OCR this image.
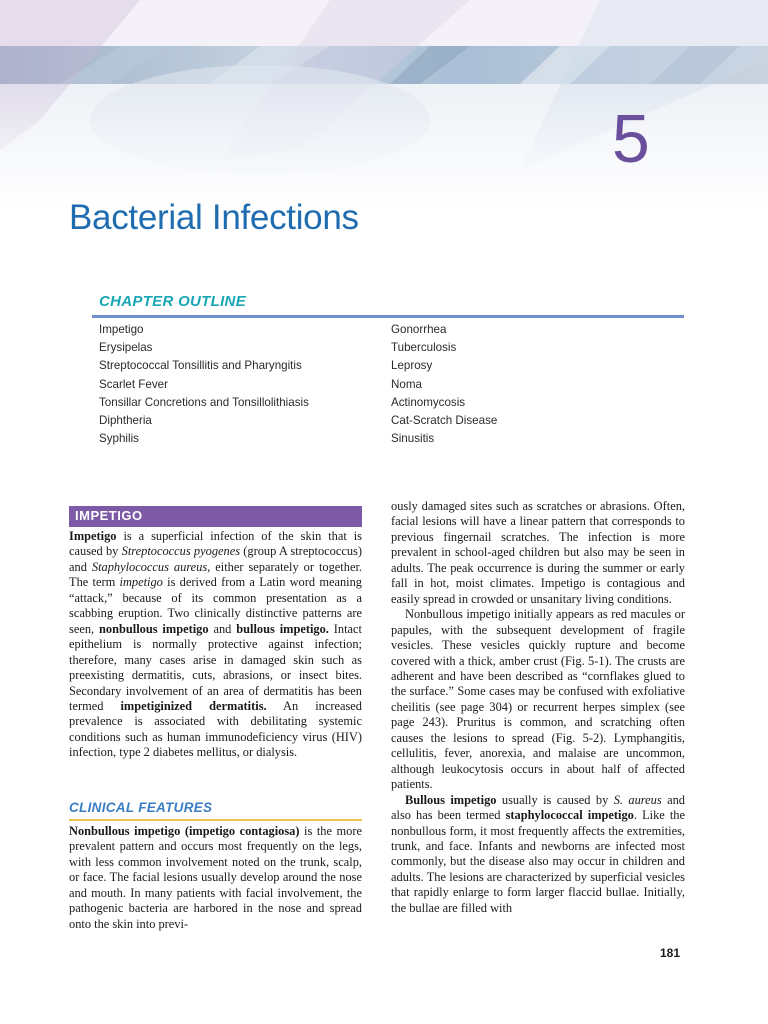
5
Bacterial Infections
CHAPTER OUTLINE
Impetigo
Erysipelas
Streptococcal Tonsillitis and Pharyngitis
Scarlet Fever
Tonsillar Concretions and Tonsillolithiasis
Diphtheria
Syphilis
Gonorrhea
Tuberculosis
Leprosy
Noma
Actinomycosis
Cat-Scratch Disease
Sinusitis
IMPETIGO

Impetigo is a superficial infection of the skin that is caused by Streptococcus pyogenes (group A streptococcus) and Staphylococcus aureus, either separately or together. The term impetigo is derived from a Latin word meaning “attack,” because of its common presentation as a scabbing eruption. Two clinically distinctive patterns are seen, nonbullous impetigo and bullous impetigo. Intact epithelium is normally protective against infection; therefore, many cases arise in damaged skin such as preexisting dermatitis, cuts, abrasions, or insect bites. Secondary involvement of an area of dermatitis has been termed impetiginized dermatitis. An increased prevalence is associated with debilitating systemic conditions such as human immunodeficiency virus (HIV) infection, type 2 diabetes mellitus, or dialysis.

CLINICAL FEATURES

Nonbullous impetigo (impetigo contagiosa) is the more prevalent pattern and occurs most frequently on the legs, with less common involvement noted on the trunk, scalp, or face. The facial lesions usually develop around the nose and mouth. In many patients with facial involvement, the pathogenic bacteria are harbored in the nose and spread onto the skin into previ-

ously damaged sites such as scratches or abrasions. Often, facial lesions will have a linear pattern that corresponds to previous fingernail scratches. The infection is more prevalent in school-aged children but also may be seen in adults. The peak occurrence is during the summer or early fall in hot, moist climates. Impetigo is contagious and easily spread in crowded or unsanitary living conditions.

Nonbullous impetigo initially appears as red macules or papules, with the subsequent development of fragile vesicles. These vesicles quickly rupture and become covered with a thick, amber crust (Fig. 5-1). The crusts are adherent and have been described as “cornflakes glued to the surface.” Some cases may be confused with exfoliative cheilitis (see page 304) or recurrent herpes simplex (see page 243). Pruritus is common, and scratching often causes the lesions to spread (Fig. 5-2). Lymphangitis, cellulitis, fever, anorexia, and malaise are uncommon, although leukocytosis occurs in about half of affected patients.

Bullous impetigo usually is caused by S. aureus and also has been termed staphylococcal impetigo. Like the nonbullous form, it most frequently affects the extremities, trunk, and face. Infants and newborns are infected most commonly, but the disease also may occur in children and adults. The lesions are characterized by superficial vesicles that rapidly enlarge to form larger flaccid bullae. Initially, the bullae are filled with

181
